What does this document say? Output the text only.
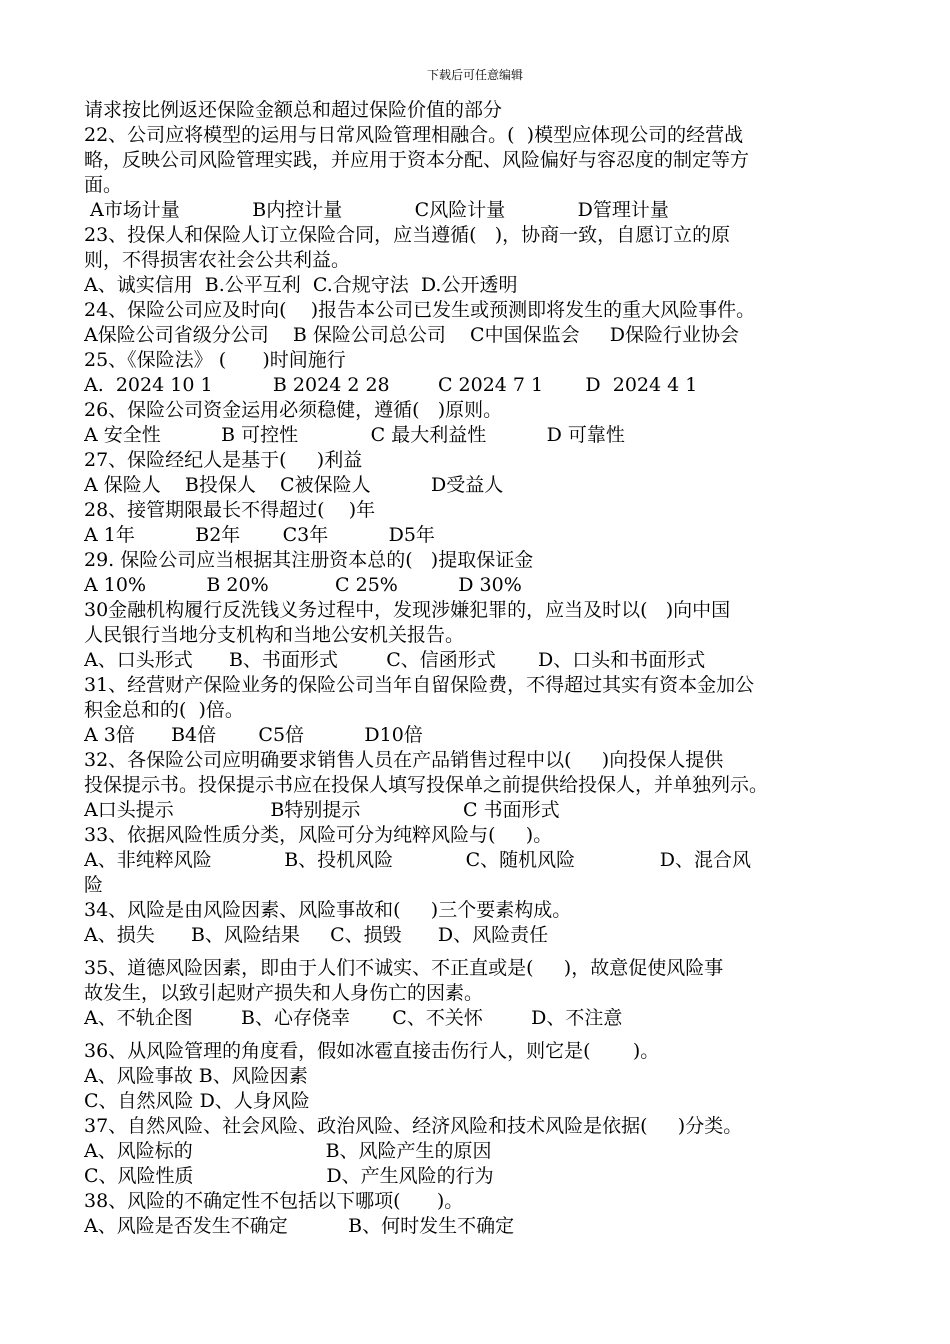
下载后可任意编辑
请求按比例返还保险金额总和超过保险价值的部分
22、公司应将模型的运用与日常风险管理相融合。(  )模型应体现公司的经营战
略，反映公司风险管理实践，并应用于资本分配、风险偏好与容忍度的制定等方
面。
A市场计量            B内控计量            C风险计量            D管理计量
23、投保人和保险人订立保险合同，应当遵循(   )，协商一致，自愿订立的原
则，不得损害农社会公共利益。
A、诚实信用  B.公平互利  C.合规守法  D.公开透明
24、保险公司应及时向(    )报告本公司已发生或预测即将发生的重大风险事件。
A保险公司省级分公司    B 保险公司总公司    C中国保监会     D保险行业协会
25、《保险法》 (      )时间施行
A.  2024 10 1          B 2024 2 28        C 2024 7 1       D  2024 4 1
26、保险公司资金运用必须稳健，遵循(   )原则。
A 安全性          B 可控性            C 最大利益性          D 可靠性
27、保险经纪人是基于(     )利益
A 保险人    B投保人    C被保险人          D受益人
28、接管期限最长不得超过(    )年
A 1年          B2年       C3年          D5年
29. 保险公司应当根据其注册资本总的(   )提取保证金
A 10%          B 20%           C 25%          D 30%
30金融机构履行反洗钱义务过程中，发现涉嫌犯罪的，应当及时以(   )向中国
人民银行当地分支机构和当地公安机关报告。
A、口头形式      B、书面形式        C、信函形式       D、口头和书面形式
31、经营财产保险业务的保险公司当年自留保险费，不得超过其实有资本金加公
积金总和的(  )倍。
A 3倍      B4倍       C5倍          D10倍
32、各保险公司应明确要求销售人员在产品销售过程中以(     )向投保人提供
投保提示书。投保提示书应在投保人填写投保单之前提供给投保人，并单独列示。
A口头提示                B特别提示                 C 书面形式
33、依据风险性质分类，风险可分为纯粹风险与(     )。
A、非纯粹风险            B、投机风险            C、随机风险              D、混合风
险
34、风险是由风险因素、风险事故和(     )三个要素构成。
A、损失      B、风险结果     C、损毁      D、风险责任
35、道德风险因素，即由于人们不诚实、不正直或是(     )，故意促使风险事
故发生，以致引起财产损失和人身伤亡的因素。
A、不轨企图        B、心存侥幸       C、不关怀        D、不注意
36、从风险管理的角度看，假如冰雹直接击伤行人，则它是(       )。
A、风险事故 B、风险因素
C、自然风险 D、人身风险
37、自然风险、社会风险、政治风险、经济风险和技术风险是依据(     )分类。
A、风险标的                      B、风险产生的原因
C、风险性质                      D、产生风险的行为
38、风险的不确定性不包括以下哪项(      )。
A、风险是否发生不确定          B、何时发生不确定
